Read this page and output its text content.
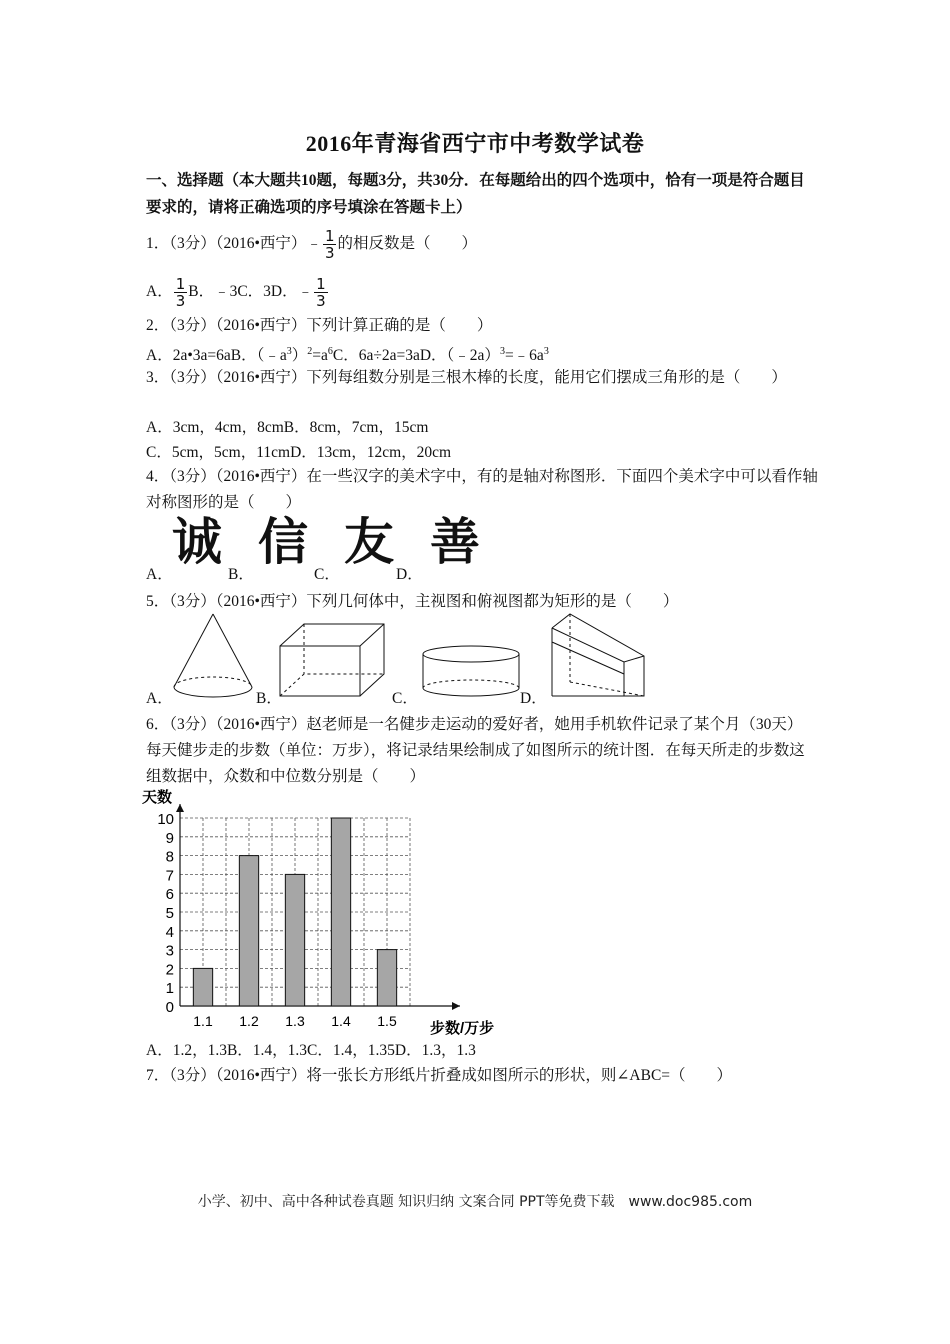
2016年青海省西宁市中考数学试卷
一、选择题（本大题共10题，每题3分，共30分．在每题给出的四个选项中，恰有一项是符合题目要求的，请将正确选项的序号填涂在答题卡上）
1．（3分）（2016•西宁）﹣ $\frac{1}{3}$ 的相反数是（　　）
A． $\frac{1}{3}$ B．﹣3C．3D．﹣ $\frac{1}{3}$
2．（3分）（2016•西宁）下列计算正确的是（　　）
A．2a•3a=6aB．$(﹣a^3)^2=a^6C$．6a÷2a=3aD．$(﹣2a)^3=﹣6a^3$
3．（3分）（2016•西宁）下列每组数分别是三根木棒的长度，能用它们摆成三角形的是（　　）
A．3cm，4cm，8cmB．8cm，7cm，15cm
C．5cm，5cm，11cmD．13cm，12cm，20cm
4．（3分）（2016•西宁）在一些汉字的美术字中，有的是轴对称图形．下面四个美术字中可以看作轴对称图形的是（　　）
诚 信 友 善
A．	B．	C．	D．
5．（3分）（2016•西宁）下列几何体中，主视图和俯视图都为矩形的是（　　）
A．	B．	C．	D．
6．（3分）（2016•西宁）赵老师是一名健步走运动的爱好者，她用手机软件记录了某个月（30天）每天健步走的步数（单位：万步），将记录结果绘制成了如图所示的统计图．在每天所走的步数这组数据中，众数和中位数分别是（　　）
0
1
2
3
4
5
6
7
8
9
10
1.1 1.2 1.3 1.4 1.5
天数
步数/万步
A．1.2，1.3B．1.4，1.3C．1.4，1.35D．1.3，1.3
7．（3分）（2016•西宁）将一张长方形纸片折叠成如图所示的形状，则∠ABC=（　　）
小学、初中、高中各种试卷真题 知识归纳 文案合同 PPT等免费下载　www.doc985.com
